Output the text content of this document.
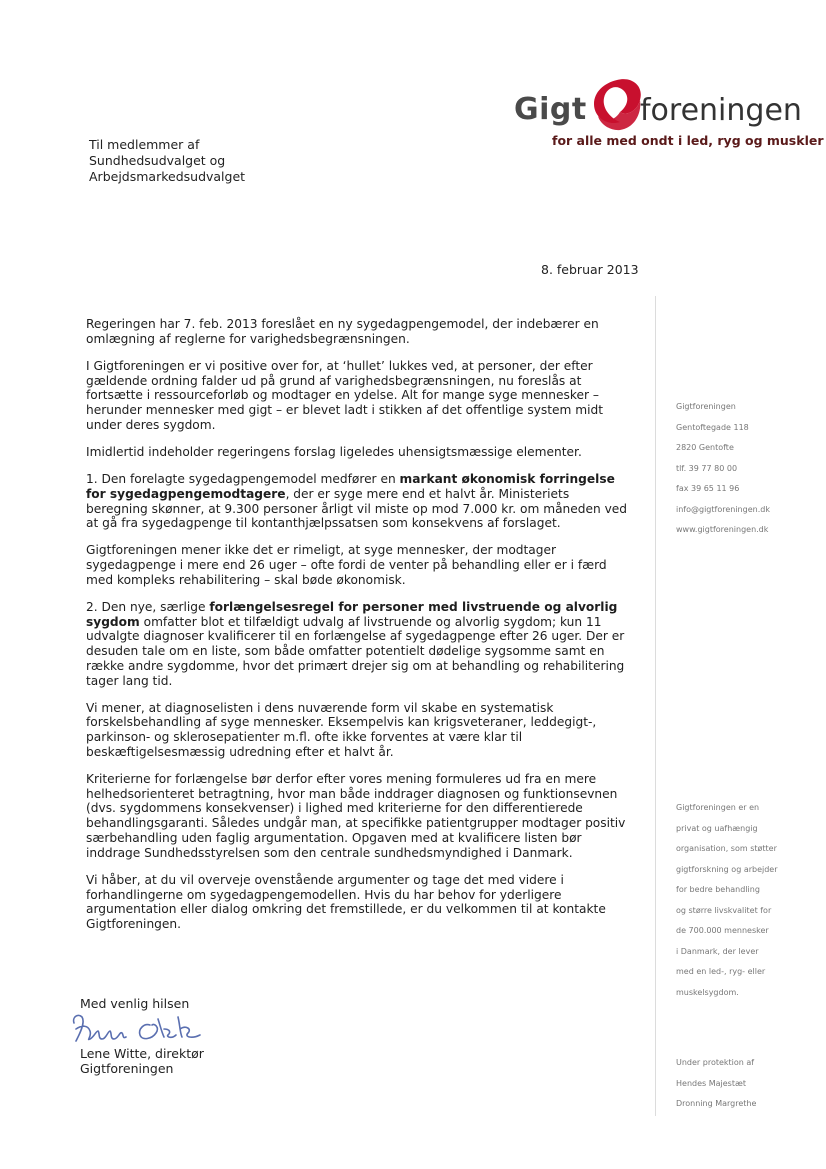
Gigt foreningen
for alle med ondt i led, ryg og muskler
Til medlemmer af
Sundhedsudvalget og
Arbejdsmarkedsudvalget
8. februar 2013
Gigtforeningen
Gentoftegade 118
2820 Gentofte
tlf. 39 77 80 00
fax 39 65 11 96
info@gigtforeningen.dk
www.gigtforeningen.dk
Gigtforeningen er en
privat og uafhængig
organisation, som støtter
gigtforskning og arbejder
for bedre behandling
og større livskvalitet for
de 700.000 mennesker
i Danmark, der lever
med en led-, ryg- eller
muskelsygdom.
Under protektion af
Hendes Majestæt
Dronning Margrethe

Regeringen har 7. feb. 2013 foreslået en ny sygedagpengemodel, der indebærer en omlægning af reglerne for varighedsbegrænsningen.

I Gigtforeningen er vi positive over for, at ‘hullet’ lukkes ved, at personer, der efter gældende ordning falder ud på grund af varighedsbegrænsningen, nu foreslås at fortsætte i ressourceforløb og modtager en ydelse. Alt for mange syge mennesker – herunder mennesker med gigt – er blevet ladt i stikken af det offentlige system midt under deres sygdom.

Imidlertid indeholder regeringens forslag ligeledes uhensigtsmæssige elementer.

1. Den forelagte sygedagpengemodel medfører en markant økonomisk forringelse for sygedagpengemodtagere, der er syge mere end et halvt år. Ministeriets beregning skønner, at 9.300 personer årligt vil miste op mod 7.000 kr. om måneden ved at gå fra sygedagpenge til kontanthjælpssatsen som konsekvens af forslaget.

Gigtforeningen mener ikke det er rimeligt, at syge mennesker, der modtager sygedagpenge i mere end 26 uger – ofte fordi de venter på behandling eller er i færd med kompleks rehabilitering – skal bøde økonomisk.

2. Den nye, særlige forlængelsesregel for personer med livstruende og alvorlig sygdom omfatter blot et tilfældigt udvalg af livstruende og alvorlig sygdom; kun 11 udvalgte diagnoser kvalificerer til en forlængelse af sygedagpenge efter 26 uger. Der er desuden tale om en liste, som både omfatter potentielt dødelige sygsomme samt en række andre sygdomme, hvor det primært drejer sig om at behandling og rehabilitering tager lang tid.

Vi mener, at diagnoselisten i dens nuværende form vil skabe en systematisk forskelsbehandling af syge mennesker. Eksempelvis kan krigsveteraner, leddegigt-, parkinson- og sklerosepatienter m.fl. ofte ikke forventes at være klar til beskæftigelsesmæssig udredning efter et halvt år.

Kriterierne for forlængelse bør derfor efter vores mening formuleres ud fra en mere helhedsorienteret betragtning, hvor man både inddrager diagnosen og funktionsevnen (dvs. sygdommens konsekvenser) i lighed med kriterierne for den differentierede behandlingsgaranti. Således undgår man, at specifikke patientgrupper modtager positiv særbehandling uden faglig argumentation. Opgaven med at kvalificere listen bør inddrage Sundhedsstyrelsen som den centrale sundhedsmyndighed i Danmark.

Vi håber, at du vil overveje ovenstående argumenter og tage det med videre i forhandlingerne om sygedagpengemodellen. Hvis du har behov for yderligere argumentation eller dialog omkring det fremstillede, er du velkommen til at kontakte Gigtforeningen.

Med venlig hilsen
Lene Witte, direktør
Gigtforeningen
